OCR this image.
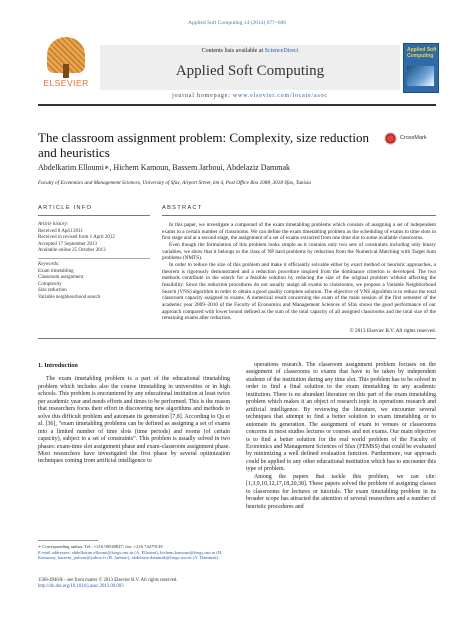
Applied Soft Computing 14 (2014) 677–686
ELSEVIER
Contents lists available at ScienceDirect
Applied Soft Computing
journal homepage: www.elsevier.com/locate/asoc
Applied Soft Computing
The classroom assignment problem: Complexity, size reduction and heuristics
CrossMark
Abdelkarim Elloumi∗, Hichem Kamoun, Bassem Jarboui, Abdelaziz Dammak
Faculty of Economics and Management Sciences, University of Sfax, Airport Street, km 4, Post Office Box 1088, 3018 Sfax, Tunisia
ARTICLE INFO	ABSTRACT
Article history:
Received 8 April 2011
Received in revised form 1 April 2012
Accepted 17 September 2013
Available online 25 October 2013
Keywords:
Exam timetabling
Classroom assignment
Complexity
Size reduction
Variable neighbourhood search

In this paper, we investigate a compound of the exam timetabling problems which consists of assigning a set of independent exams to a certain number of classrooms. We can define the exam timetabling problem as the scheduling of exams to time slots in first stage and at a second stage, the assignment of a set of exams extracted from one time slot to some available classrooms.

Even though the formulation of this problem looks simple as it contains only two sets of constraints including only binary variables, we show that it belongs to the class of NP hard problems by reduction from the Numerical Matching with Target Sum problems (NMTS).

In order to reduce the size of this problem and make it efficiently solvable either by exact method or heuristic approaches, a theorem is rigorously demonstrated and a reduction procedure inspired from the dominance criterion is developed. The two methods contribute in the search for a feasible solution by reducing the size of the original problem without affecting the feasibility. Since the reduction procedures do not usually assign all exams to classrooms, we propose a Variable Neighborhood Search (VNS) algorithm in order to obtain a good quality complete solution. The objective of VNS algorithm is to reduce the total classroom capacity assigned to exams. A numerical result concerning the exam of the main session of the first semester of the academic year 2009–2010 of the Faculty of Economics and Management Sciences of Sfax shows the good performance of our approach compared with lower bound defined as the sum of the total capacity of all assigned classrooms and the total size of the remaining exams after reduction.

© 2013 Elsevier B.V. All rights reserved.
1. Introduction

The exam timetabling problem is a part of the educational timetabling problem which includes also the course timetabling in universities or in high schools. This problem is encountered by any educational institution at least twice per academic year and needs efforts and times to be performed. This is the reason that researchers focus their effort in discovering new algorithms and methods to solve this difficult problem and automate its generation [7,8]. According to Qu et al. [36], “exam timetabling problems can be defined as assigning a set of exams into a limited number of time slots (time periods) and rooms (of certain capacity), subject to a set of constraints”. This problem is usually solved in two phases: exam-time slot assignment phase and exam-classroom assignment phase. Most researchers have investigated the first phase by several optimization techniques coming from artificial intelligence to

operations research. The classroom assignment problem focuses on the assignment of classrooms to exams that have to be taken by independent students of the institution during any time slot. This problem has to be solved in order to find a final solution to the exam timetabling in any academic institution. There is no abundant literature on this part of the exam timetabling problem which makes it an object of research topic in operations research and artificial intelligence. By reviewing the literature, we encounter several techniques that attempt to find a better solution to exam timetabling or to automate its generation. The assignment of exam to venues or classrooms concerns in most studies lectures or courses and not exams. Our main objective is to find a better solution for the real world problem of the Faculty of Economics and Management Sciences of Sfax (FEMSS) that could be evaluated by minimizing a well defined evaluation function. Furthermore, our approach could be applied to any other educational institution which has to encounter this type of problem.

Among the papers that tackle this problem, we can cite: [1,3,9,10,12,17,18,20,38]. These papers solved the problem of assigning classes to classrooms for lectures or tutorials. The exam timetabling problem in its broader scope has attracted the attention of several researchers and a number of heuristic procedures and

∗ Corresponding author. Tel.: +216 98540847; fax: +216 74279139.
E-mail addresses: abdelkarim.elloumi@fsegs.rnu.tn (A. Elloumi), hichem.kamoun@fsegs.rnu.tn (H. Kamoun), bassem_jarboui@yahoo.fr (B. Jarboui), abdelaziz.dammak@fsegs.rnu.tn (A. Dammak).
1568-4946/$ – see front matter © 2013 Elsevier B.V. All rights reserved.
http://dx.doi.org/10.1016/j.asoc.2013.09.003
